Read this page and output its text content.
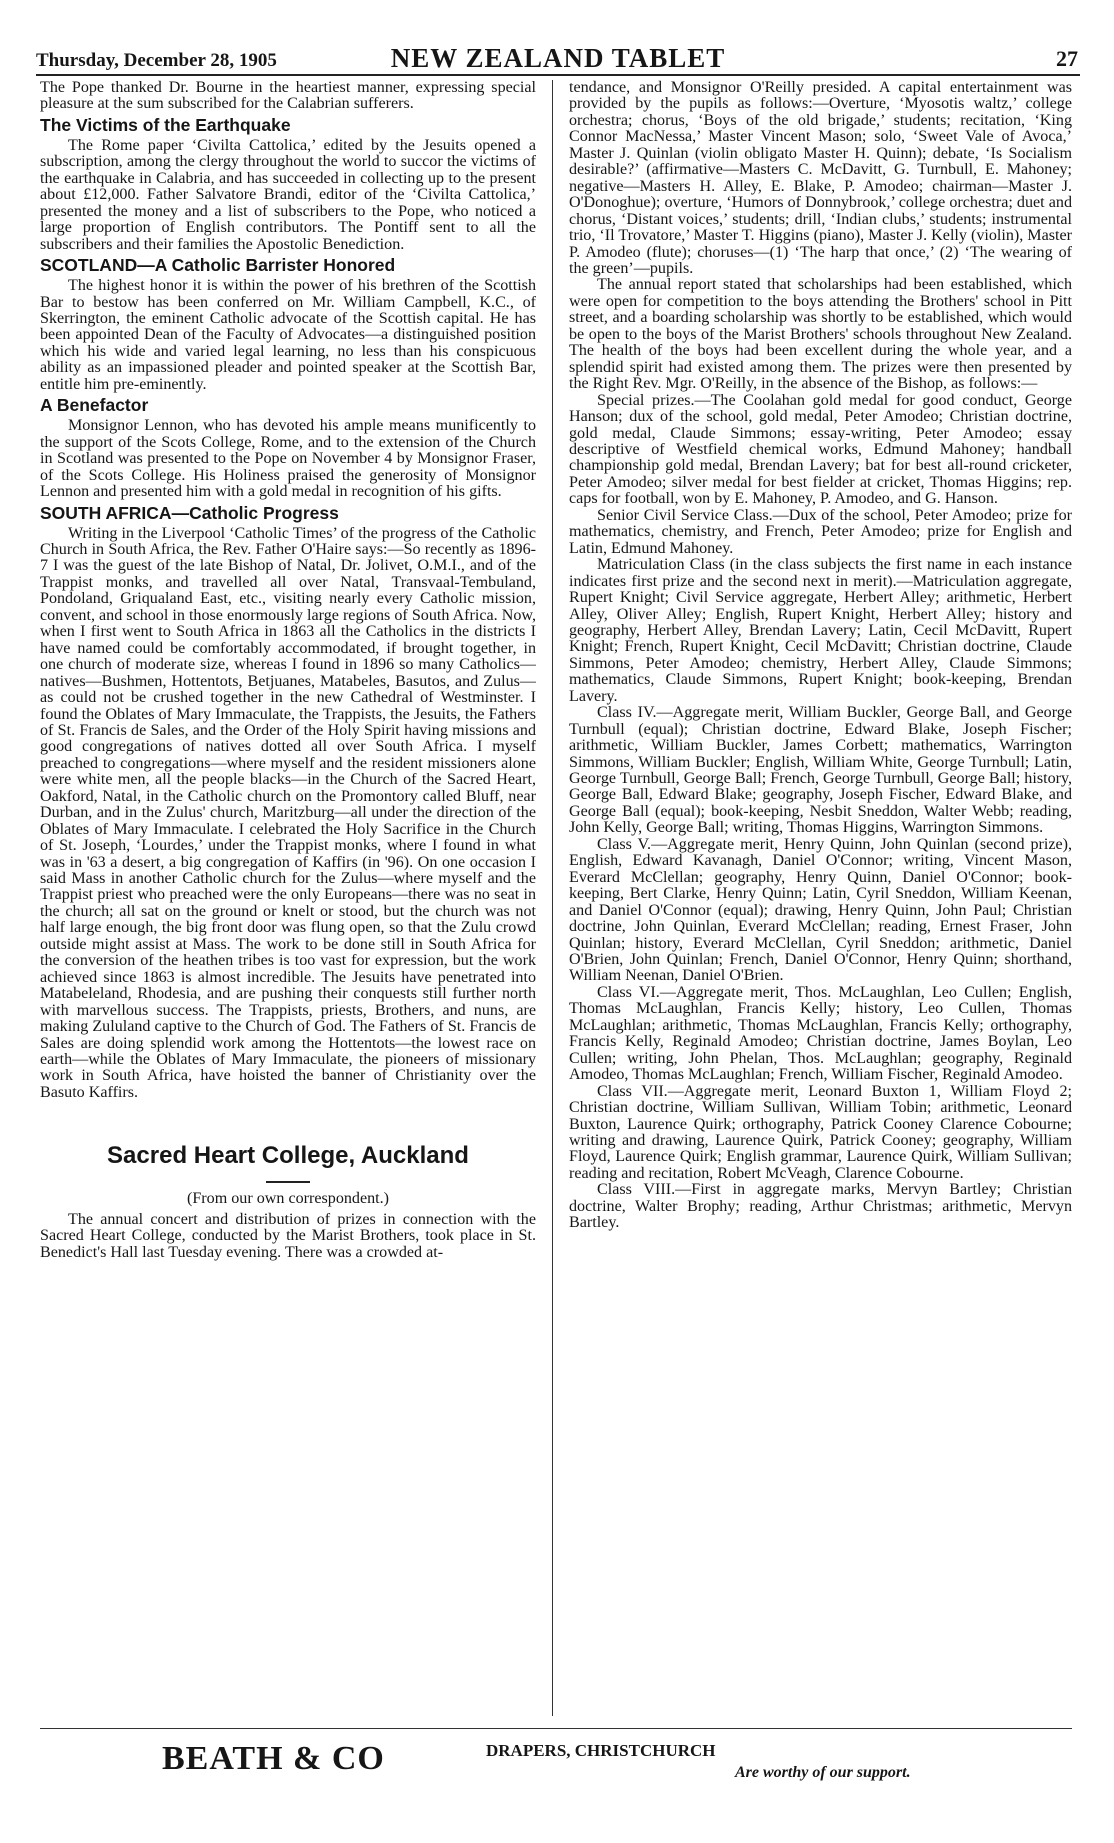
Thursday, December 28, 1905	NEW ZEALAND TABLET	27

The Pope thanked Dr. Bourne in the heartiest manner, expressing special pleasure at the sum subscribed for the Calabrian sufferers.

The Victims of the Earthquake

The Rome paper ‘Civilta Cattolica,’ edited by the Jesuits opened a subscription, among the clergy throughout the world to succor the victims of the earthquake in Calabria, and has succeeded in collecting up to the present about £12,000. Father Salvatore Brandi, editor of the ‘Civilta Cattolica,’ presented the money and a list of subscribers to the Pope, who noticed a large proportion of English contributors. The Pontiff sent to all the subscribers and their families the Apostolic Benediction.

SCOTLAND—A Catholic Barrister Honored

The highest honor it is within the power of his brethren of the Scottish Bar to bestow has been conferred on Mr. William Campbell, K.C., of Skerrington, the eminent Catholic advocate of the Scottish capital. He has been appointed Dean of the Faculty of Advocates—a distinguished position which his wide and varied legal learning, no less than his conspicuous ability as an impassioned pleader and pointed speaker at the Scottish Bar, entitle him pre-eminently.

A Benefactor

Monsignor Lennon, who has devoted his ample means munificently to the support of the Scots College, Rome, and to the extension of the Church in Scotland was presented to the Pope on November 4 by Monsignor Fraser, of the Scots College. His Holiness praised the generosity of Monsignor Lennon and presented him with a gold medal in recognition of his gifts.

SOUTH AFRICA—Catholic Progress

Writing in the Liverpool ‘Catholic Times’ of the progress of the Catholic Church in South Africa, the Rev. Father O'Haire says:—So recently as 1896-7 I was the guest of the late Bishop of Natal, Dr. Jolivet, O.M.I., and of the Trappist monks, and travelled all over Natal, Transvaal-Tembuland, Pondoland, Griqualand East, etc., visiting nearly every Catholic mission, convent, and school in those enormously large regions of South Africa. Now, when I first went to South Africa in 1863 all the Catholics in the districts I have named could be comfortably accommodated, if brought together, in one church of moderate size, whereas I found in 1896 so many Catholics—natives—Bushmen, Hottentots, Betjuanes, Matabeles, Basutos, and Zulus—as could not be crushed together in the new Cathedral of Westminster. I found the Oblates of Mary Immaculate, the Trappists, the Jesuits, the Fathers of St. Francis de Sales, and the Order of the Holy Spirit having missions and good congregations of natives dotted all over South Africa. I myself preached to congregations—where myself and the resident missioners alone were white men, all the people blacks—in the Church of the Sacred Heart, Oakford, Natal, in the Catholic church on the Promontory called Bluff, near Durban, and in the Zulus' church, Maritzburg—all under the direction of the Oblates of Mary Immaculate. I celebrated the Holy Sacrifice in the Church of St. Joseph, ‘Lourdes,’ under the Trappist monks, where I found in what was in '63 a desert, a big congregation of Kaffirs (in '96). On one occasion I said Mass in another Catholic church for the Zulus—where myself and the Trappist priest who preached were the only Europeans—there was no seat in the church; all sat on the ground or knelt or stood, but the church was not half large enough, the big front door was flung open, so that the Zulu crowd outside might assist at Mass. The work to be done still in South Africa for the conversion of the heathen tribes is too vast for expression, but the work achieved since 1863 is almost incredible. The Jesuits have penetrated into Matabeleland, Rhodesia, and are pushing their conquests still further north with marvellous success. The Trappists, priests, Brothers, and nuns, are making Zululand captive to the Church of God. The Fathers of St. Francis de Sales are doing splendid work among the Hottentots—the lowest race on earth—while the Oblates of Mary Immaculate, the pioneers of missionary work in South Africa, have hoisted the banner of Christianity over the Basuto Kaffirs.

Sacred Heart College, Auckland

(From our own correspondent.)

The annual concert and distribution of prizes in connection with the Sacred Heart College, conducted by the Marist Brothers, took place in St. Benedict's Hall last Tuesday evening. There was a crowded at-

tendance, and Monsignor O'Reilly presided. A capital entertainment was provided by the pupils as follows:—Overture, ‘Myosotis waltz,’ college orchestra; chorus, ‘Boys of the old brigade,’ students; recitation, ‘King Connor MacNessa,’ Master Vincent Mason; solo, ‘Sweet Vale of Avoca,’ Master J. Quinlan (violin obligato Master H. Quinn); debate, ‘Is Socialism desirable?’ (affirmative—Masters C. McDavitt, G. Turnbull, E. Mahoney; negative—Masters H. Alley, E. Blake, P. Amodeo; chairman—Master J. O'Donoghue); overture, ‘Humors of Donnybrook,’ college orchestra; duet and chorus, ‘Distant voices,’ students; drill, ‘Indian clubs,’ students; instrumental trio, ‘Il Trovatore,’ Master T. Higgins (piano), Master J. Kelly (violin), Master P. Amodeo (flute); choruses—(1) ‘The harp that once,’ (2) ‘The wearing of the green’—pupils.

The annual report stated that scholarships had been established, which were open for competition to the boys attending the Brothers' school in Pitt street, and a boarding scholarship was shortly to be established, which would be open to the boys of the Marist Brothers' schools throughout New Zealand. The health of the boys had been excellent during the whole year, and a splendid spirit had existed among them. The prizes were then presented by the Right Rev. Mgr. O'Reilly, in the absence of the Bishop, as follows:—

Special prizes.—The Coolahan gold medal for good conduct, George Hanson; dux of the school, gold medal, Peter Amodeo; Christian doctrine, gold medal, Claude Simmons; essay-writing, Peter Amodeo; essay descriptive of Westfield chemical works, Edmund Mahoney; handball championship gold medal, Brendan Lavery; bat for best all-round cricketer, Peter Amodeo; silver medal for best fielder at cricket, Thomas Higgins; rep. caps for football, won by E. Mahoney, P. Amodeo, and G. Hanson.

Senior Civil Service Class.—Dux of the school, Peter Amodeo; prize for mathematics, chemistry, and French, Peter Amodeo; prize for English and Latin, Edmund Mahoney.

Matriculation Class (in the class subjects the first name in each instance indicates first prize and the second next in merit).—Matriculation aggregate, Rupert Knight; Civil Service aggregate, Herbert Alley; arithmetic, Herbert Alley, Oliver Alley; English, Rupert Knight, Herbert Alley; history and geography, Herbert Alley, Brendan Lavery; Latin, Cecil McDavitt, Rupert Knight; French, Rupert Knight, Cecil McDavitt; Christian doctrine, Claude Simmons, Peter Amodeo; chemistry, Herbert Alley, Claude Simmons; mathematics, Claude Simmons, Rupert Knight; book-keeping, Brendan Lavery.

Class IV.—Aggregate merit, William Buckler, George Ball, and George Turnbull (equal); Christian doctrine, Edward Blake, Joseph Fischer; arithmetic, William Buckler, James Corbett; mathematics, Warrington Simmons, William Buckler; English, William White, George Turnbull; Latin, George Turnbull, George Ball; French, George Turnbull, George Ball; history, George Ball, Edward Blake; geography, Joseph Fischer, Edward Blake, and George Ball (equal); book-keeping, Nesbit Sneddon, Walter Webb; reading, John Kelly, George Ball; writing, Thomas Higgins, Warrington Simmons.

Class V.—Aggregate merit, Henry Quinn, John Quinlan (second prize), English, Edward Kavanagh, Daniel O'Connor; writing, Vincent Mason, Everard McClellan; geography, Henry Quinn, Daniel O'Connor; book-keeping, Bert Clarke, Henry Quinn; Latin, Cyril Sneddon, William Keenan, and Daniel O'Connor (equal); drawing, Henry Quinn, John Paul; Christian doctrine, John Quinlan, Everard McClellan; reading, Ernest Fraser, John Quinlan; history, Everard McClellan, Cyril Sneddon; arithmetic, Daniel O'Brien, John Quinlan; French, Daniel O'Connor, Henry Quinn; shorthand, William Neenan, Daniel O'Brien.

Class VI.—Aggregate merit, Thos. McLaughlan, Leo Cullen; English, Thomas McLaughlan, Francis Kelly; history, Leo Cullen, Thomas McLaughlan; arithmetic, Thomas McLaughlan, Francis Kelly; orthography, Francis Kelly, Reginald Amodeo; Christian doctrine, James Boylan, Leo Cullen; writing, John Phelan, Thos. McLaughlan; geography, Reginald Amodeo, Thomas McLaughlan; French, William Fischer, Reginald Amodeo.

Class VII.—Aggregate merit, Leonard Buxton 1, William Floyd 2; Christian doctrine, William Sullivan, William Tobin; arithmetic, Leonard Buxton, Laurence Quirk; orthography, Patrick Cooney Clarence Cobourne; writing and drawing, Laurence Quirk, Patrick Cooney; geography, William Floyd, Laurence Quirk; English grammar, Laurence Quirk, William Sullivan; reading and recitation, Robert McVeagh, Clarence Cobourne.

Class VIII.—First in aggregate marks, Mervyn Bartley; Christian doctrine, Walter Brophy; reading, Arthur Christmas; arithmetic, Mervyn Bartley.

BEATH & CO	DRAPERS, CHRISTCHURCH
Are worthy of our support.
